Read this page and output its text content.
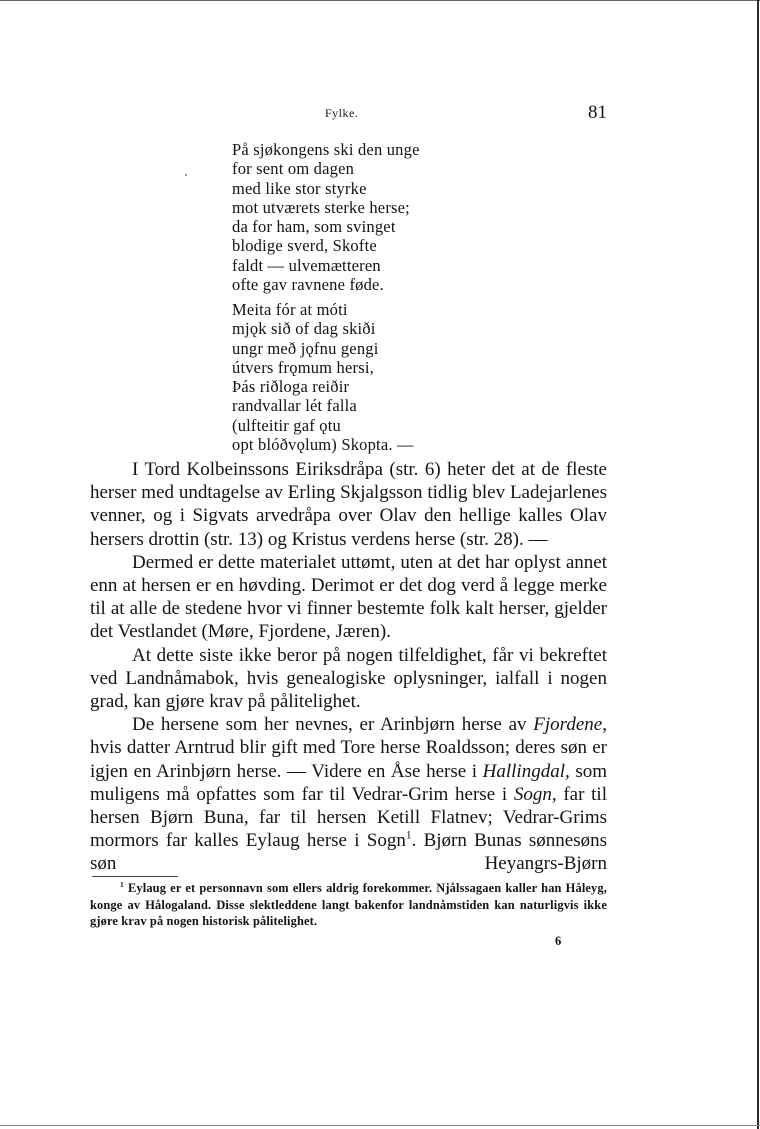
Fylke.	81
På sjøkongens ski den unge
for sent om dagen
med like stor styrke
mot utværets sterke herse;
da for ham, som svinget
blodige sverd, Skofte
faldt — ulvemætteren
ofte gav ravnene føde.
Meita fór at móti
mjǫk sið of dag skiði
ungr með jǫfnu gengi
útvers frǫmum hersi,
Þás riðloga reiðir
randvallar lét falla
(ulfteitir gaf ǫtu
opt blóðvǫlum) Skopta. —

I Tord Kolbeinssons Eiriksdråpa (str. 6) heter det at de fleste herser med undtagelse av Erling Skjalgsson tidlig blev Ladejarlenes venner, og i Sigvats arvedråpa over Olav den hellige kalles Olav hersers drottin (str. 13) og Kristus verdens herse (str. 28). —

Dermed er dette materialet uttømt, uten at det har oplyst annet enn at hersen er en høvding. Derimot er det dog verd å legge merke til at alle de stedene hvor vi finner bestemte folk kalt herser, gjelder det Vestlandet (Møre, Fjordene, Jæren).

At dette siste ikke beror på nogen tilfeldighet, får vi bekreftet ved Landnåmabok, hvis genealogiske oplysninger, ialfall i nogen grad, kan gjøre krav på pålitelighet.

De hersene som her nevnes, er Arinbjørn herse av Fjordene, hvis datter Arntrud blir gift med Tore herse Roaldsson; deres søn er igjen en Arinbjørn herse. — Videre en Åse herse i Hallingdal, som muligens må opfattes som far til Vedrar-Grim herse i Sogn, far til hersen Bjørn Buna, far til hersen Ketill Flatnev; Vedrar-Grims mormors far kalles Eylaug herse i Sogn$^1$. Bjørn Bunas sønnesøns søn Heyangrs-Bjørn

$^1$ Eylaug er et personnavn som ellers aldrig forekommer. Njålssagaen kaller han Håleyg, konge av Hålogaland. Disse slektleddene langt bakenfor landnåmstiden kan naturligvis ikke gjøre krav på nogen historisk pålitelighet.

6
